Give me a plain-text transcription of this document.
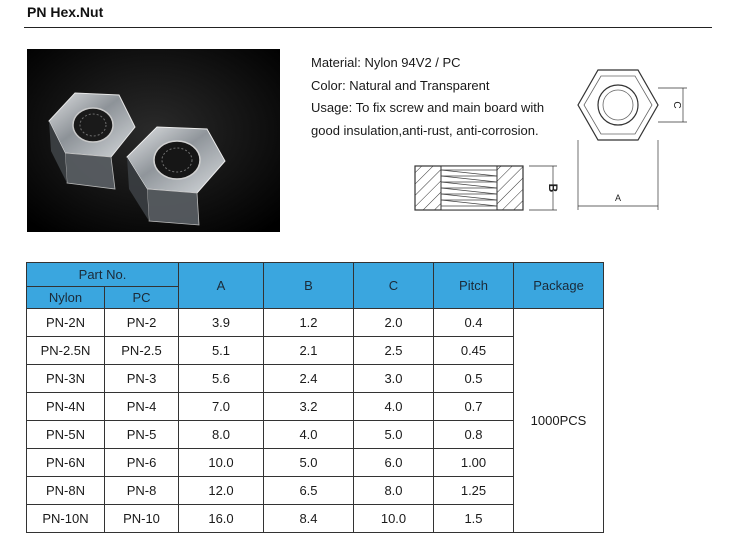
PN Hex.Nut
Material: Nylon 94V2 / PC
Color: Natural and Transparent
Usage: To fix screw and main board with
good insulation,anti-rust, anti-corrosion.
B
C
A
Part No.		A	B	C	Pitch	Package
Nylon	PC					
PN-2N	PN-2	3.9	1.2	2.0	0.4	1000PCS
PN-2.5N	PN-2.5	5.1	2.1	2.5	0.45	
PN-3N	PN-3	5.6	2.4	3.0	0.5	
PN-4N	PN-4	7.0	3.2	4.0	0.7	
PN-5N	PN-5	8.0	4.0	5.0	0.8	
PN-6N	PN-6	10.0	5.0	6.0	1.00	
PN-8N	PN-8	12.0	6.5	8.0	1.25	
PN-10N	PN-10	16.0	8.4	10.0	1.5	
